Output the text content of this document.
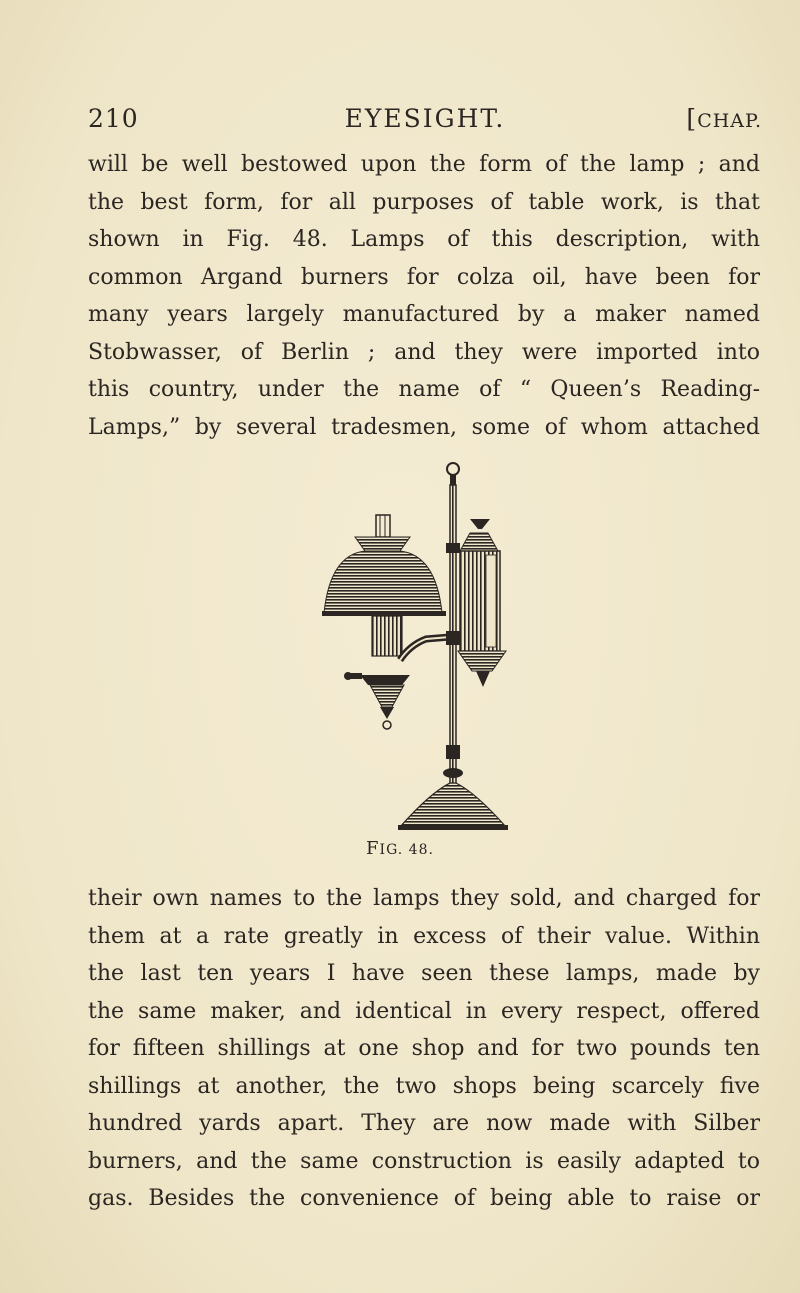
210	EYESIGHT.	[CHAP.
will be well bestowed upon the form of the lamp ; and
the best form, for all purposes of table work, is that
shown in Fig. 48. Lamps of this description, with
common Argand burners for colza oil, have been for
many years largely manufactured by a maker named
Stobwasser, of Berlin ; and they were imported into
this country, under the name of “ Queen’s Reading-
Lamps,” by several tradesmen, some of whom attached
FIG. 48.
their own names to the lamps they sold, and charged for
them at a rate greatly in excess of their value. Within
the last ten years I have seen these lamps, made by
the same maker, and identical in every respect, offered
for fifteen shillings at one shop and for two pounds ten
shillings at another, the two shops being scarcely five
hundred yards apart. They are now made with Silber
burners, and the same construction is easily adapted to
gas. Besides the convenience of being able to raise or
